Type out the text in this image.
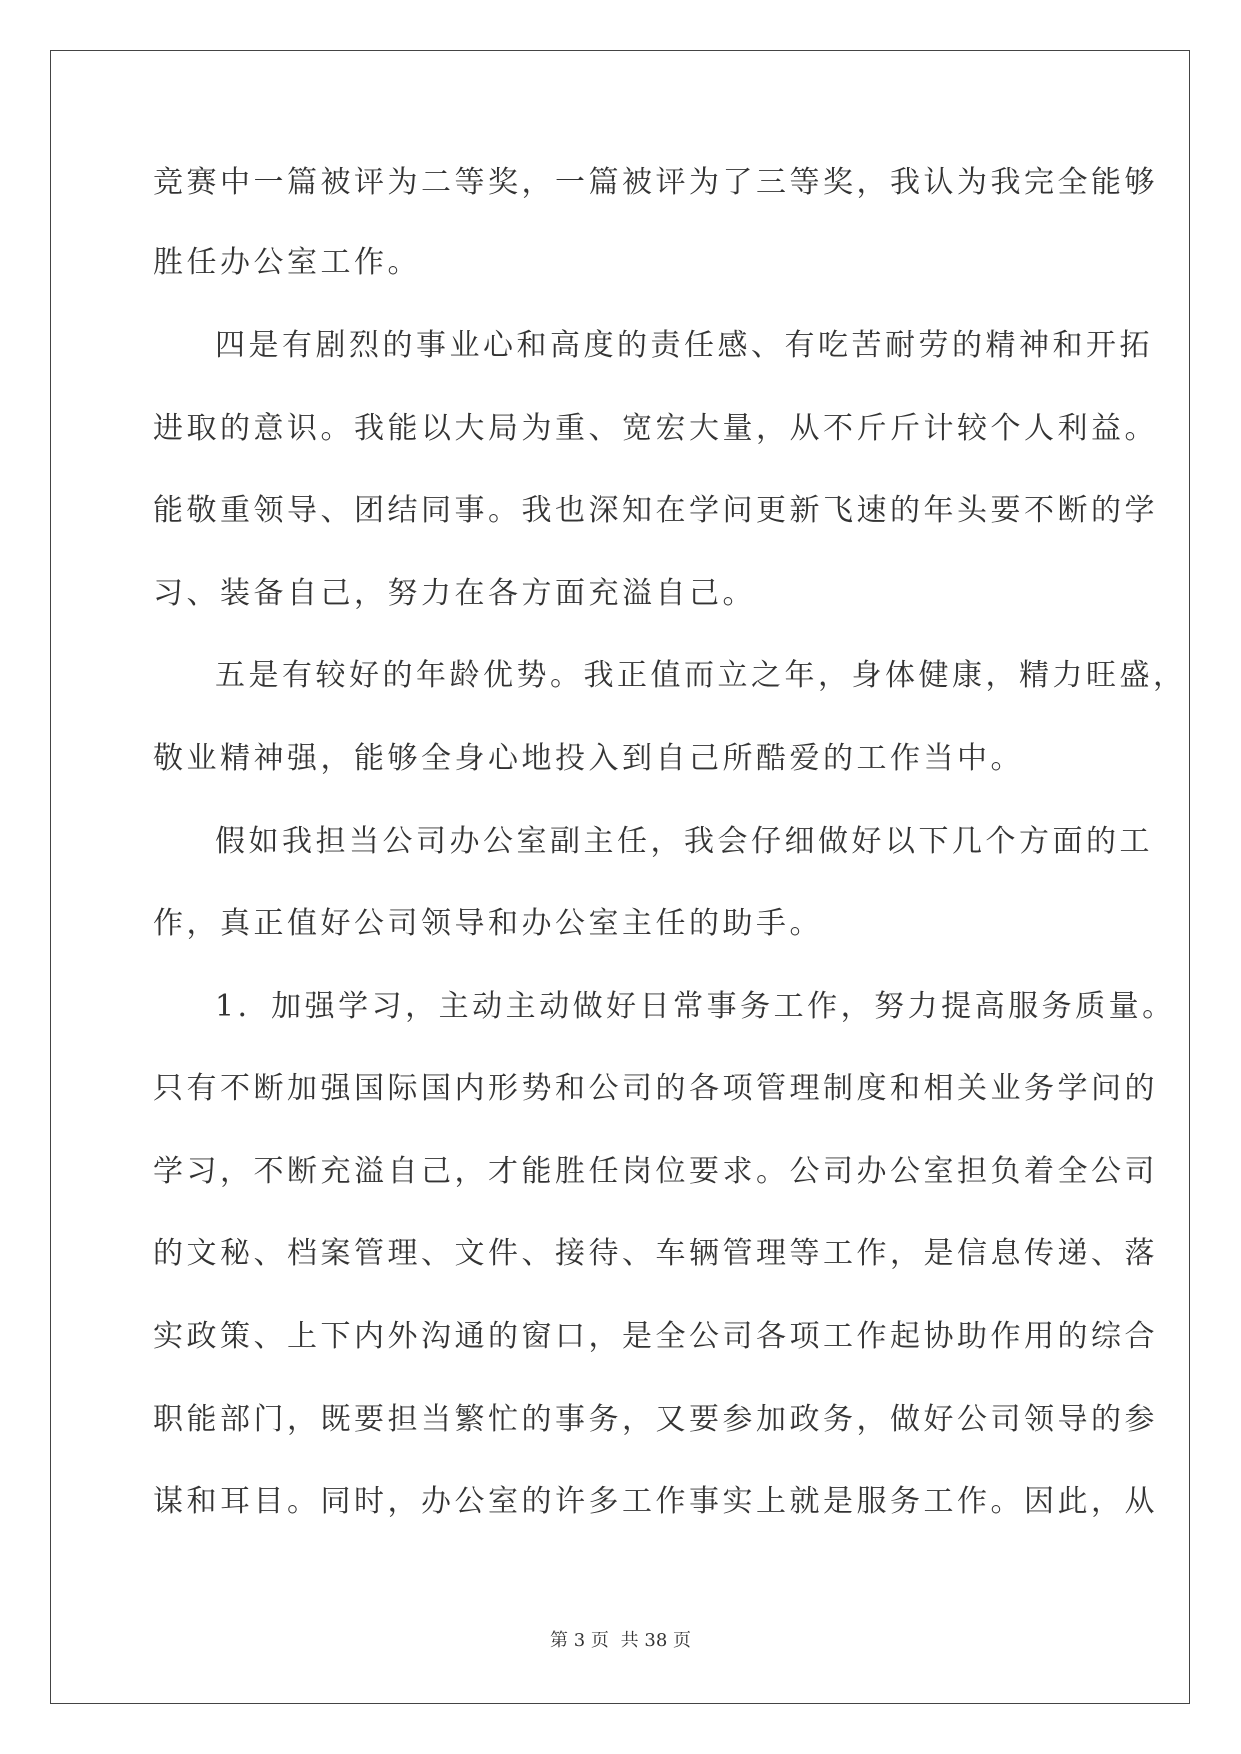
竞赛中一篇被评为二等奖，一篇被评为了三等奖，我认为我完全能够
胜任办公室工作。
四是有剧烈的事业心和高度的责任感、有吃苦耐劳的精神和开拓
进取的意识。我能以大局为重、宽宏大量，从不斤斤计较个人利益。
能敬重领导、团结同事。我也深知在学问更新飞速的年头要不断的学
习、装备自己，努力在各方面充溢自己。
五是有较好的年龄优势。我正值而立之年，身体健康，精力旺盛，
敬业精神强，能够全身心地投入到自己所酷爱的工作当中。
假如我担当公司办公室副主任，我会仔细做好以下几个方面的工
作，真正值好公司领导和办公室主任的助手。
1．加强学习，主动主动做好日常事务工作，努力提高服务质量。
只有不断加强国际国内形势和公司的各项管理制度和相关业务学问的
学习，不断充溢自己，才能胜任岗位要求。公司办公室担负着全公司
的文秘、档案管理、文件、接待、车辆管理等工作，是信息传递、落
实政策、上下内外沟通的窗口，是全公司各项工作起协助作用的综合
职能部门，既要担当繁忙的事务，又要参加政务，做好公司领导的参
谋和耳目。同时，办公室的许多工作事实上就是服务工作。因此，从
第 3 页 共 38 页
